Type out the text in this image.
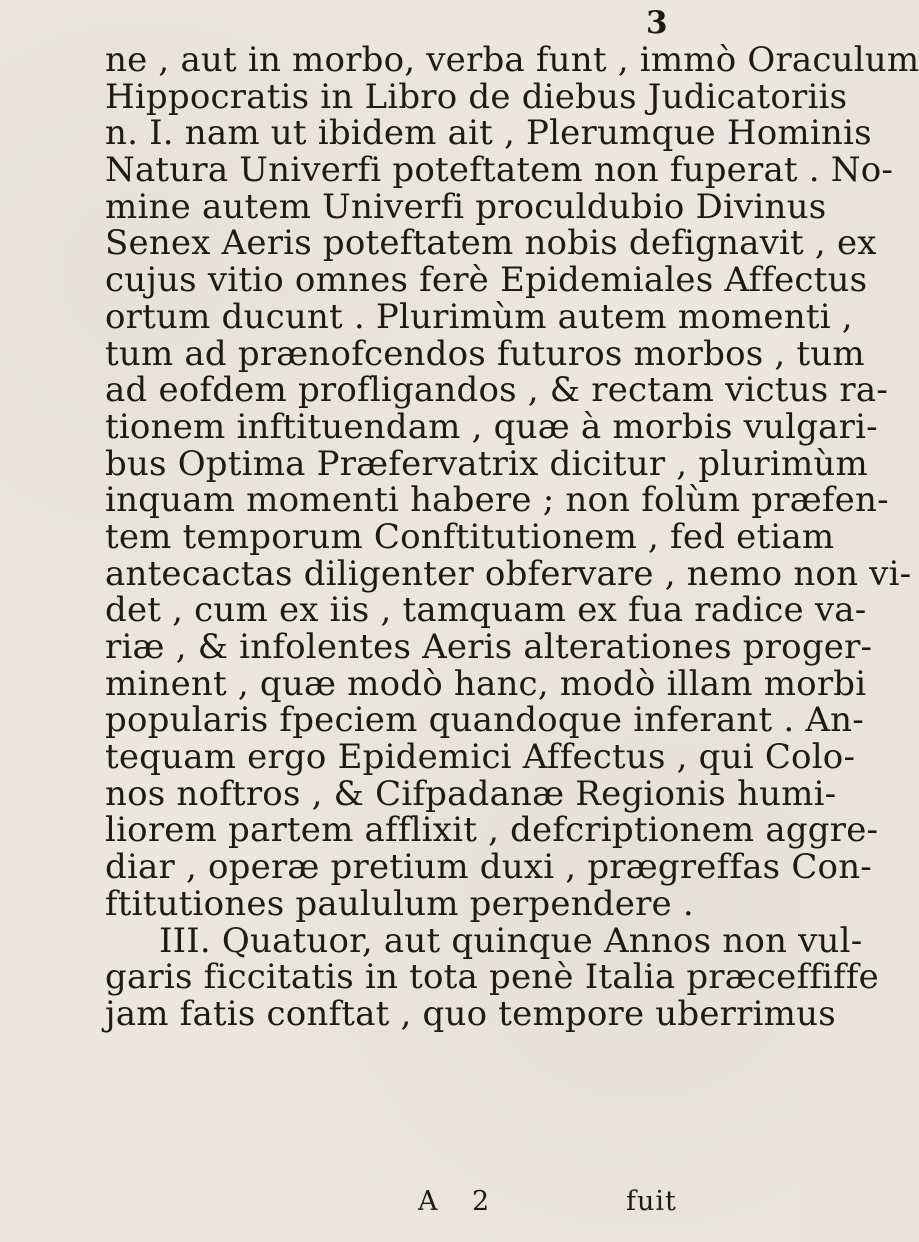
3
ne , aut in morbo, verba funt , immò Oraculum
Hippocratis in Libro de diebus Judicatoriis
n. I. nam ut ibidem ait , Plerumque Hominis
Natura Univerfi poteftatem non fuperat . No-
mine autem Univerfi proculdubio Divinus
Senex Aeris poteftatem nobis defignavit , ex
cujus vitio omnes ferè Epidemiales Affectus
ortum ducunt . Plurimùm autem momenti ,
tum ad prænofcendos futuros morbos , tum
ad eofdem profligandos , & rectam victus ra-
tionem inftituendam , quæ à morbis vulgari-
bus Optima Præfervatrix dicitur , plurimùm
inquam momenti habere ; non folùm præfen-
tem temporum Conftitutionem , fed etiam
antecactas diligenter obfervare , nemo non vi-
det , cum ex iis , tamquam ex fua radice va-
riæ , & infolentes Aeris alterationes proger-
minent , quæ modò hanc, modò illam morbi
popularis fpeciem quandoque inferant . An-
tequam ergo Epidemici Affectus , qui Colo-
nos noftros , & Cifpadanæ Regionis humi-
liorem partem afflixit , defcriptionem aggre-
diar , operæ pretium duxi , prægreffas Con-
ftitutiones paululum perpendere .
III. Quatuor, aut quinque Annos non vul-
garis ficcitatis in tota penè Italia præceffiffe
jam fatis conftat , quo tempore uberrimus
A 2	fuit
